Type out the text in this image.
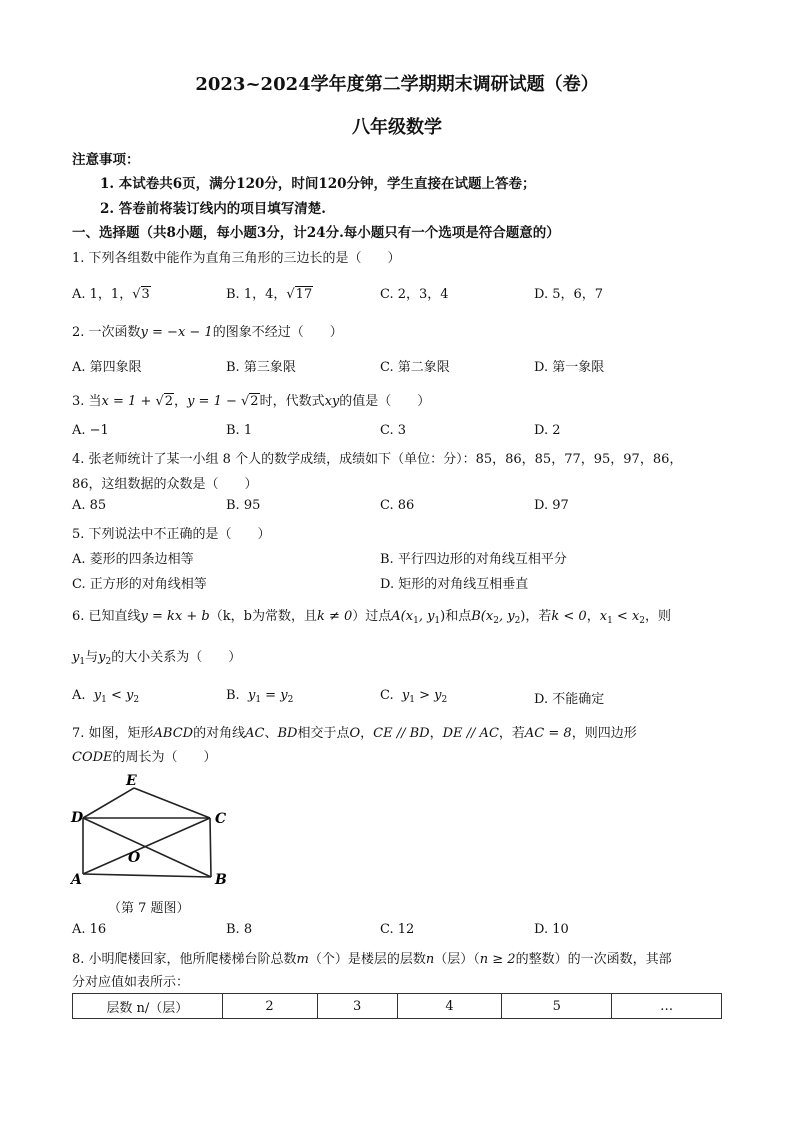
2023~2024学年度第二学期期末调研试题（卷）
八年级数学
注意事项：
1. 本试卷共6页，满分120分，时间120分钟，学生直接在试题上答卷；
2. 答卷前将装订线内的项目填写清楚.
一、选择题（共8小题，每小题3分，计24分.每小题只有一个选项是符合题意的）
1. 下列各组数中能作为直角三角形的三边长的是（　　）
A. 1，1，√3	B. 1，4，√17	C. 2，3，4	D. 5，6，7
2. 一次函数y = −x − 1的图象不经过（　　）
A. 第四象限	B. 第三象限	C. 第二象限	D. 第一象限
3. 当x = 1 + √2，y = 1 − √2时，代数式xy的值是（　　）
A. −1	B. 1	C. 3	D. 2
4. 张老师统计了某一小组 8 个人的数学成绩，成绩如下（单位：分）：85，86，85，77，95，97，86，
86，这组数据的众数是（　　）
A. 85	B. 95	C. 86	D. 97
5. 下列说法中不正确的是（　　）
A. 菱形的四条边相等	B. 平行四边形的对角线互相平分
C. 正方形的对角线相等	D. 矩形的对角线互相垂直
6. 已知直线y = kx + b（k，b为常数，且k ≠ 0）过点$A(x_1$, $y_1$)和点$B(x_2$, $y_2$)，若k < 0，$x_1 < x_2$，则
$y_1$与$y_2$的大小关系为（　　）
A. $y_1 < y_2$	B. $y_1 = y_2$	C. $y_1 > y_2$	D. 不能确定
7. 如图，矩形ABCD的对角线AC、BD相交于点O，CE // BD，DE // AC，若AC = 8，则四边形
CODE的周长为（　　）
E
D	C
O
A	B
（第 7 题图）
A. 16	B. 8	C. 12	D. 10
8. 小明爬楼回家，他所爬楼梯台阶总数m（个）是楼层的层数n（层）（n ≥ 2的整数）的一次函数，其部
分对应值如表所示：
层数 n/（层）	2	3	4	5	…
